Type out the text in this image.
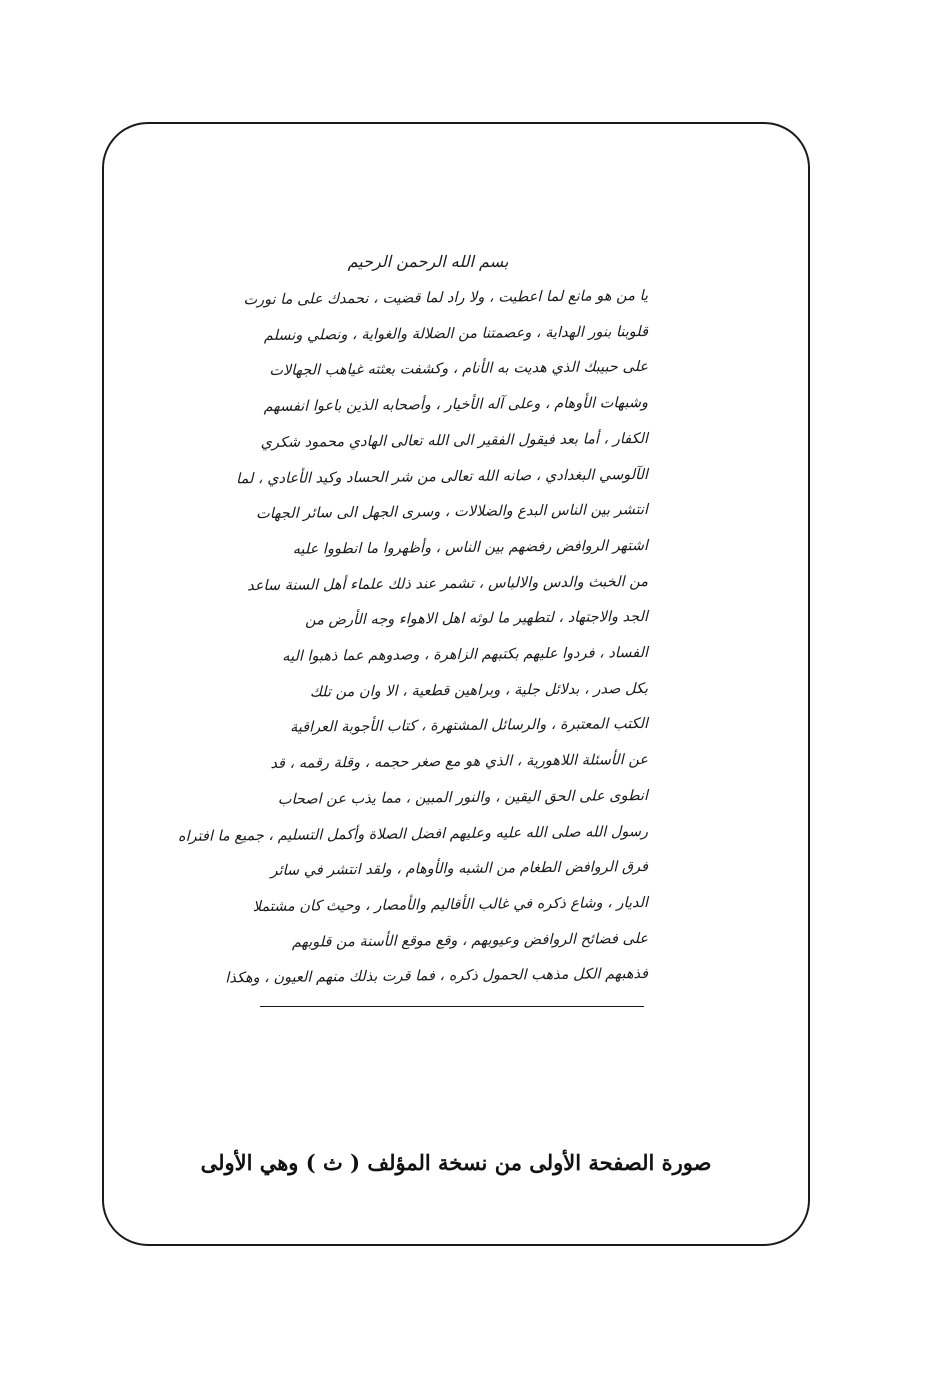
بسم الله الرحمن الرحيم
يا من هو مانع لما اعطيت ، ولا راد لما قضيت ، نحمدك على ما نورت
قلوبنا بنور الهداية ، وعصمتنا من الضلالة والغواية ، ونصلي ونسلم
على حبيبك الذي هديت به الأنام ، وكشفت بعثته غياهب الجهالات
وشبهات الأوهام ، وعلى آله الأخيار ، وأصحابه الذين باعوا انفسهم
الكفار ، أما بعد فيقول الفقير الى الله تعالى الهادي محمود شكري
الآلوسي البغدادي ، صانه الله تعالى من شر الحساد وكيد الأعادي ، لما
انتشر بين الناس البدع والضلالات ، وسرى الجهل الى سائر الجهات
اشتهر الروافض رفضهم بين الناس ، وأظهروا ما انطووا عليه
من الخبث والدس والالباس ، تشمر عند ذلك علماء أهل السنة ساعد
الجد والاجتهاد ، لتطهير ما لوثه اهل الاهواء وجه الأرض من
الفساد ، فردوا عليهم بكتبهم الزاهرة ، وصدوهم عما ذهبوا اليه
بكل صدر ، بدلائل جلية ، وبراهين قطعية ، الا وان من تلك
الكتب المعتبرة ، والرسائل المشتهرة ، كتاب الأجوبة العراقية
عن الأسئلة اللاهورية ، الذي هو مع صغر حجمه ، وقلة رقمه ، قد
انطوى على الحق اليقين ، والنور المبين ، مما يذب عن اصحاب
رسول الله صلى الله عليه وعليهم افضل الصلاة وأكمل التسليم ، جميع ما افتراه
فرق الروافض الطغام من الشبه والأوهام ، ولقد انتشر في سائر
الديار ، وشاع ذكره في غالب الأقاليم والأمصار ، وحيث كان مشتملا
على فضائح الروافض وعيوبهم ، وقع موقع الأسنة من قلوبهم
فذهبهم الكل مذهب الحمول ذكره ، فما قرت بذلك منهم العيون ، وهكذا
صورة الصفحة الأولى من نسخة المؤلف ( ث ) وهي الأولى
